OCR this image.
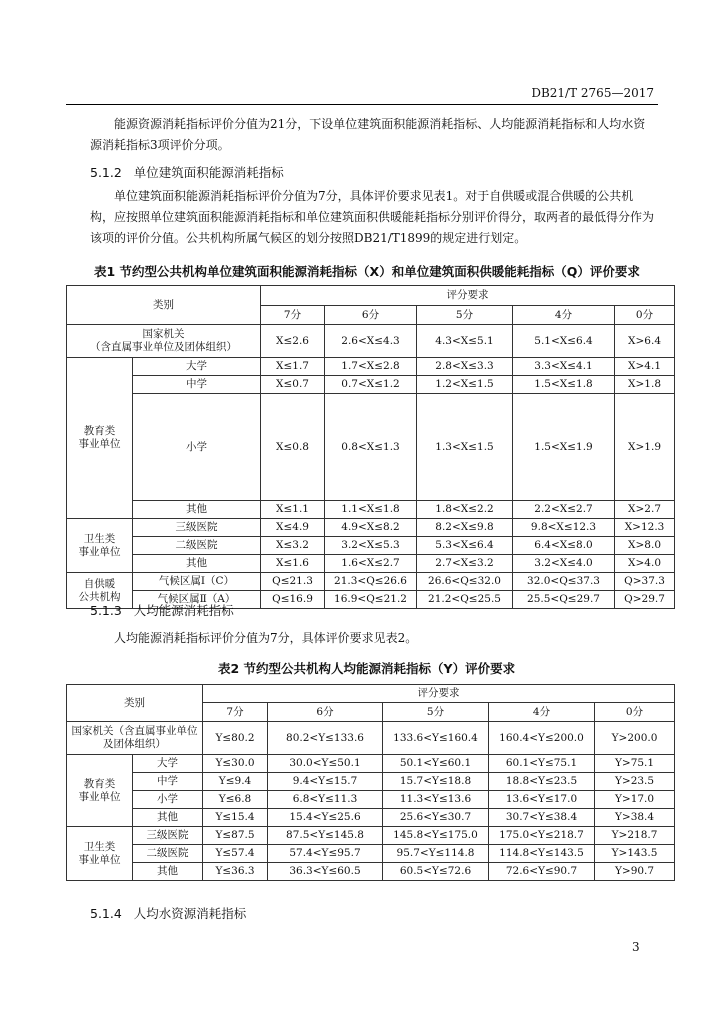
DB21/T 2765—2017

能源资源消耗指标评价分值为21分，下设单位建筑面积能源消耗指标、人均能源消耗指标和人均水资源消耗指标3项评价分项。

5.1.2 单位建筑面积能源消耗指标

单位建筑面积能源消耗指标评价分值为7分，具体评价要求见表1。对于自供暖或混合供暖的公共机构，应按照单位建筑面积能源消耗指标和单位建筑面积供暖能耗指标分别评价得分，取两者的最低得分作为该项的评价分值。公共机构所属气候区的划分按照DB21/T1899的规定进行划定。

表1 节约型公共机构单位建筑面积能源消耗指标（X）和单位建筑面积供暖能耗指标（Q）评价要求
类别		评分要求				
		7分	6分	5分	4分	0分
国家机关
（含直属事业单位及团体组织）		X≤2.6	2.6<X≤4.3	4.3<X≤5.1	5.1<X≤6.4	X>6.4
教育类
事业单位	大学	X≤1.7	1.7<X≤2.8	2.8<X≤3.3	3.3<X≤4.1	X>4.1
	中学	X≤0.7	0.7<X≤1.2	1.2<X≤1.5	1.5<X≤1.8	X>1.8
	小学	X≤0.8	0.8<X≤1.3	1.3<X≤1.5	1.5<X≤1.9	X>1.9
	其他	X≤1.1	1.1<X≤1.8	1.8<X≤2.2	2.2<X≤2.7	X>2.7
卫生类
事业单位	三级医院	X≤4.9	4.9<X≤8.2	8.2<X≤9.8	9.8<X≤12.3	X>12.3
	二级医院	X≤3.2	3.2<X≤5.3	5.3<X≤6.4	6.4<X≤8.0	X>8.0
	其他	X≤1.6	1.6<X≤2.7	2.7<X≤3.2	3.2<X≤4.0	X>4.0
自供暖
公共机构	气候区属Ⅰ（C）	Q≤21.3	21.3<Q≤26.6	26.6<Q≤32.0	32.0<Q≤37.3	Q>37.3
	气候区属Ⅱ（A）	Q≤16.9	16.9<Q≤21.2	21.2<Q≤25.5	25.5<Q≤29.7	Q>29.7
5.1.3 人均能源消耗指标

人均能源消耗指标评价分值为7分，具体评价要求见表2。

表2 节约型公共机构人均能源消耗指标（Y）评价要求
类别		评分要求				
		7分	6分	5分	4分	0分
国家机关（含直属事业单位及团体组织）		Y≤80.2	80.2<Y≤133.6	133.6<Y≤160.4	160.4<Y≤200.0	Y>200.0
教育类
事业单位	大学	Y≤30.0	30.0<Y≤50.1	50.1<Y≤60.1	60.1<Y≤75.1	Y>75.1
	中学	Y≤9.4	9.4<Y≤15.7	15.7<Y≤18.8	18.8<Y≤23.5	Y>23.5
	小学	Y≤6.8	6.8<Y≤11.3	11.3<Y≤13.6	13.6<Y≤17.0	Y>17.0
	其他	Y≤15.4	15.4<Y≤25.6	25.6<Y≤30.7	30.7<Y≤38.4	Y>38.4
卫生类
事业单位	三级医院	Y≤87.5	87.5<Y≤145.8	145.8<Y≤175.0	175.0<Y≤218.7	Y>218.7
	二级医院	Y≤57.4	57.4<Y≤95.7	95.7<Y≤114.8	114.8<Y≤143.5	Y>143.5
	其他	Y≤36.3	36.3<Y≤60.5	60.5<Y≤72.6	72.6<Y≤90.7	Y>90.7
5.1.4 人均水资源消耗指标
3
